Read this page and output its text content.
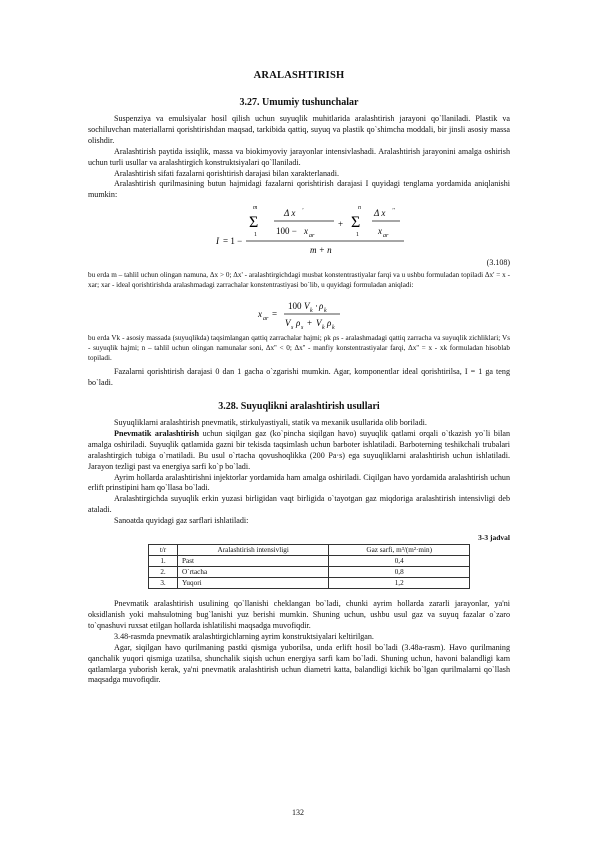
ARALASHTIRISH
3.27. Umumiy tushunchalar

Suspenziya va emulsiyalar hosil qilish uchun suyuqlik muhitlarida aralashtirish jarayoni qo`llaniladi. Plastik va sochiluvchan materiallarni qorishtirishdan maqsad, tarkibida qattiq, suyuq va plastik qo`shimcha moddali, bir jinsli asosiy massa olishdir.

Aralashtirish paytida issiqlik, massa va biokimyoviy jarayonlar intensivlashadi. Aralashtirish jarayonini amalga oshirish uchun turli usullar va aralashtirgich konstruktsiyalari qo`llaniladi.

Aralashtirish sifati fazalarni qorishtirish darajasi bilan xarakterlanadi.

Aralashtirish qurilmasining butun hajmidagi fazalarni qorishtirish darajasi I quyidagi tenglama yordamida aniqlanishi mumkin:

I = 1 −
m
Σ
1
Δ x '
100 − x ar
+
n
Σ
1
Δ x ''
x ar
m + n
(3.108)

bu erda m – tahlil uchun olingan namuna, Δx > 0; Δx' - aralashtirgichdagi musbat konstentrastiyalar farqi va u ushbu formuladan topiladi Δx' = x - xar; xar - ideal qorishtirishda aralashmadagi zarrachalar konstentrastiyasi bo`lib, u quyidagi formuladan aniqladi:

x ar =
100 V k · ρ k
V s ρ s + V k ρ k

bu erda Vk - asosiy massada (suyuqlikda) taqsimlangan qattiq zarrachalar hajmi; ρk ρs - aralashmadagi qattiq zarracha va suyuqlik zichliklari; Vs - suyuqlik hajmi; n – tahlil uchun olingan namunalar soni, Δx'' < 0; Δx'' - manfiy konstentrastiyalar farqi, Δx'' = x - xk formuladan hisoblab topiladi.

Fazalarni qorishtirish darajasi 0 dan 1 gacha o`zgarishi mumkin. Agar, komponentlar ideal qorishtirilsa, I = 1 ga teng bo`ladi.

3.28. Suyuqlikni aralashtirish usullari

Suyuqliklarni aralashtirish pnevmatik, stirkulyastiyali, statik va mexanik usullarida olib boriladi.

Pnevmatik aralashtirish uchun siqilgan gaz (ko`pincha siqilgan havo) suyuqlik qatlami orqali o`tkazish yo`li bilan amalga oshiriladi. Suyuqlik qatlamida gazni bir tekisda taqsimlash uchun barboter ishlatiladi. Barboterning teshikchali trubalari aralashtirgich tubiga o`rnatiladi. Bu usul o`rtacha qovushoqlikka (200 Pa·s) ega suyuqliklarni aralashtirish uchun ishlatiladi. Jarayon tezligi past va energiya sarfi ko`p bo`ladi.

Ayrim hollarda aralashtirishni injektorlar yordamida ham amalga oshiriladi. Ciqilgan havo yordamida aralashtirish uchun erlift prinstipini ham qo`llasa bo`ladi.

Aralashtirgichda suyuqlik erkin yuzasi birligidan vaqt birligida o`tayotgan gaz miqdoriga aralashtirish intensivligi deb ataladi.

Sanoatda quyidagi gaz sarflari ishlatiladi:

3-3 jadval
t/r	Aralashtirish intensivligi	Gaz sarfi, m³/(m²·min)
1.	Past	0,4
2.	O`rtacha	0,8
3.	Yuqori	1,2

Pnevmatik aralashtirish usulining qo`llanishi cheklangan bo`ladi, chunki ayrim hollarda zararli jarayonlar, ya'ni oksidlanish yoki mahsulotning bug`lanishi yuz berishi mumkin. Shuning uchun, ushbu usul gaz va suyuq fazalar o`zaro to`qnashuvi ruxsat etilgan hollarda ishlatilishi maqsadga muvofiqdir.

3.48-rasmda pnevmatik aralashtirgichlarning ayrim konstruktsiyalari keltirilgan.

Agar, siqilgan havo qurilmaning pastki qismiga yuborilsa, unda erlift hosil bo`ladi (3.48a-rasm). Havo qurilmaning qanchalik yuqori qismiga uzatilsa, shunchalik siqish uchun energiya sarfi kam bo`ladi. Shuning uchun, havoni balandligi kam qatlamlarga yuborish kerak, ya'ni pnevmatik aralashtirish uchun diametri katta, balandligi kichik bo`lgan qurilmalarni qo`llash maqsadga muvofiqdir.

132
